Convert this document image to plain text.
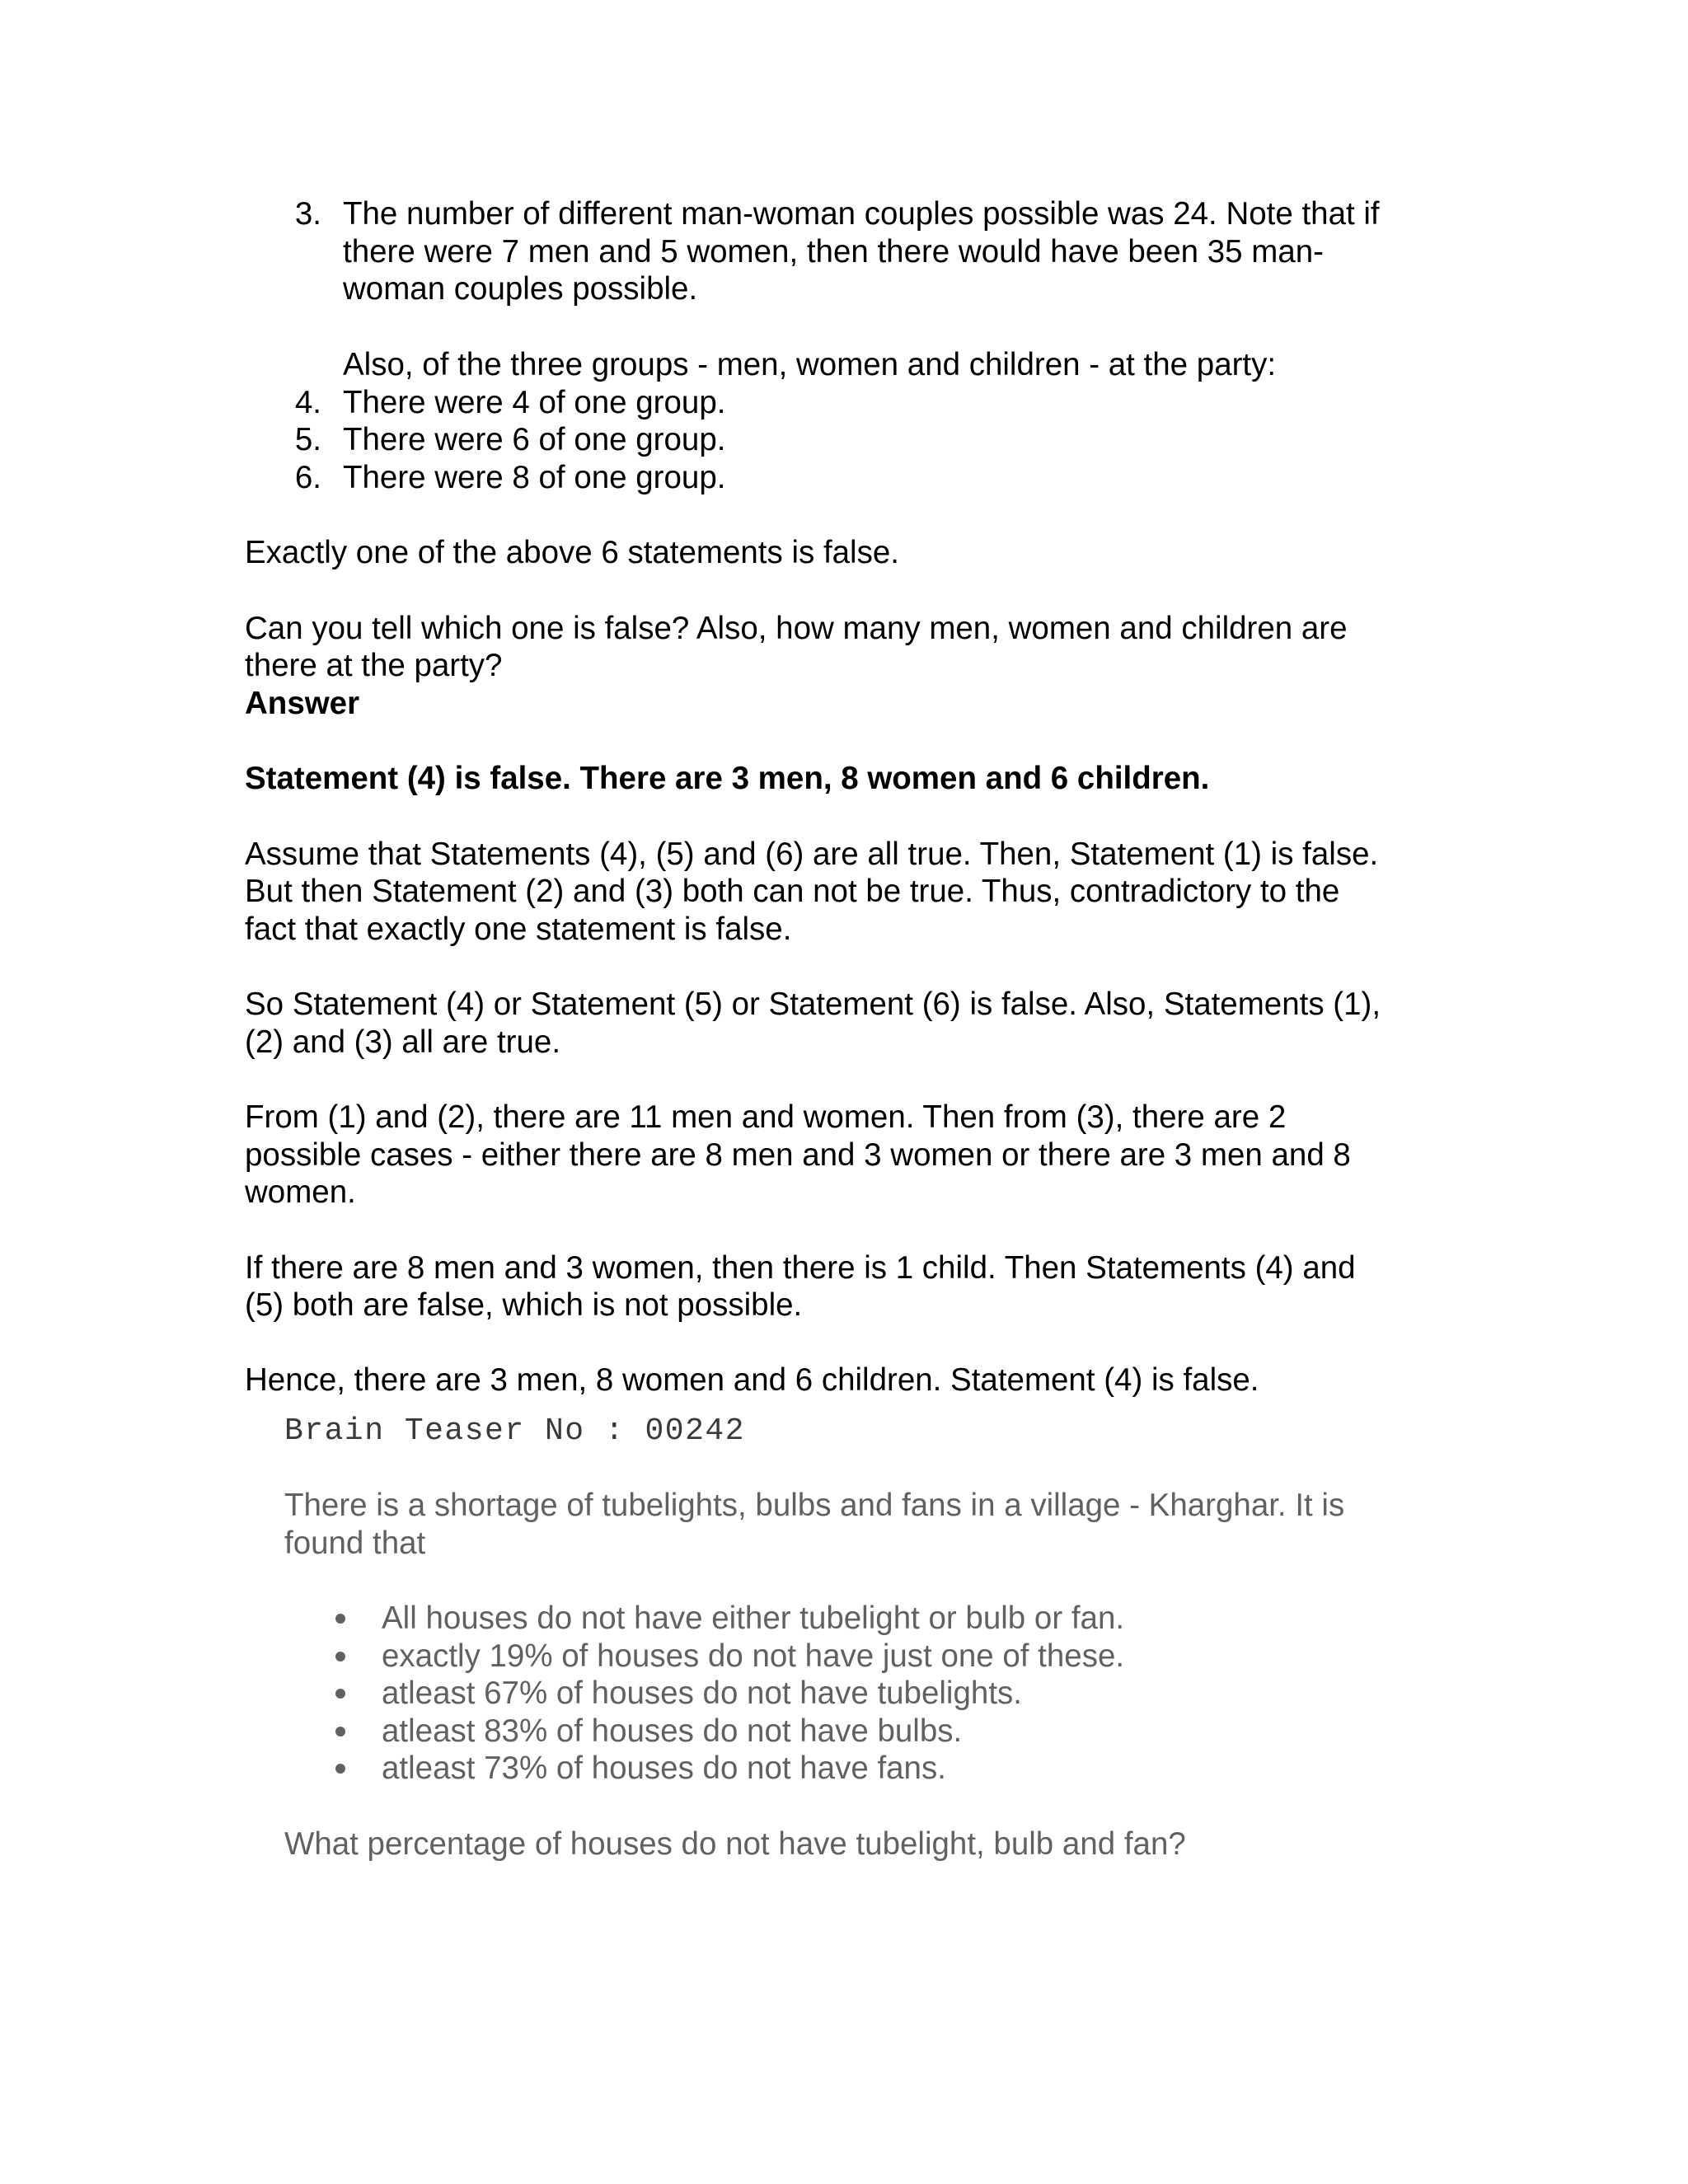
3. The number of different man-woman couples possible was 24. Note that if
there were 7 men and 5 women, then there would have been 35 man-
woman couples possible.
Also, of the three groups - men, women and children - at the party:
4. There were 4 of one group.
5. There were 6 of one group.
6. There were 8 of one group.
Exactly one of the above 6 statements is false.
Can you tell which one is false? Also, how many men, women and children are
there at the party?
Answer
Statement (4) is false. There are 3 men, 8 women and 6 children.
Assume that Statements (4), (5) and (6) are all true. Then, Statement (1) is false.
But then Statement (2) and (3) both can not be true. Thus, contradictory to the
fact that exactly one statement is false.
So Statement (4) or Statement (5) or Statement (6) is false. Also, Statements (1),
(2) and (3) all are true.
From (1) and (2), there are 11 men and women. Then from (3), there are 2
possible cases - either there are 8 men and 3 women or there are 3 men and 8
women.
If there are 8 men and 3 women, then there is 1 child. Then Statements (4) and
(5) both are false, which is not possible.
Hence, there are 3 men, 8 women and 6 children. Statement (4) is false.
Brain Teaser No : 00242
There is a shortage of tubelights, bulbs and fans in a village - Kharghar. It is
found that
All houses do not have either tubelight or bulb or fan.
exactly 19% of houses do not have just one of these.
atleast 67% of houses do not have tubelights.
atleast 83% of houses do not have bulbs.
atleast 73% of houses do not have fans.
What percentage of houses do not have tubelight, bulb and fan?
